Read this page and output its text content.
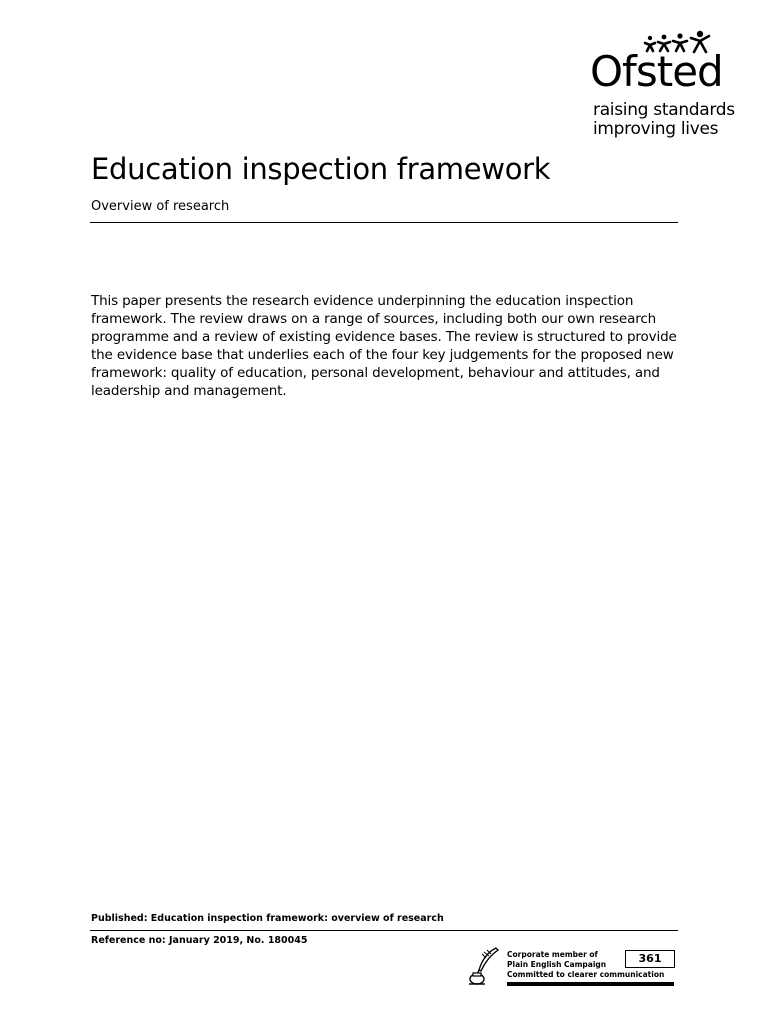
Ofsted
raising standards
improving lives
Education inspection framework
Overview of research

This paper presents the research evidence underpinning the education inspection framework. The review draws on a range of sources, including both our own research programme and a review of existing evidence bases. The review is structured to provide the evidence base that underlies each of the four key judgements for the proposed new framework: quality of education, personal development, behaviour and attitudes, and leadership and management.

Published: Education inspection framework: overview of research
Reference no: January 2019, No. 180045
Corporate member of
Plain English Campaign
Committed to clearer communication
361
